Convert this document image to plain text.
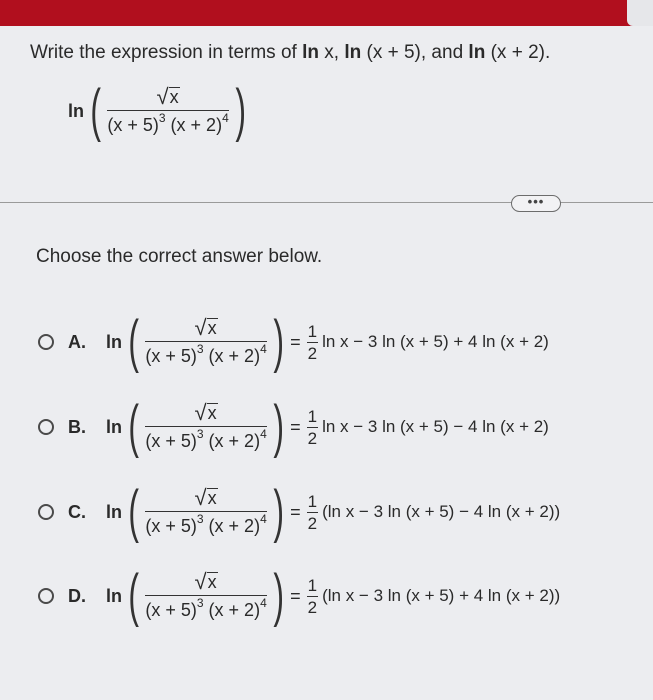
Write the expression in terms of ln x, ln (x + 5), and ln (x + 2).
ln ( $\frac{√ x}{(x + 5)^3 (x + 2)^4}$ )
•••
Choose the correct answer below.
A.	ln ( $\frac{√ x}{(x + 5)^3 (x + 2)^4}$ ) = $\frac{1}{2}$ ln x − 3 ln (x + 5) + 4 ln (x + 2)
B.	ln ( $\frac{√ x}{(x + 5)^3 (x + 2)^4}$ ) = $\frac{1}{2}$ ln x − 3 ln (x + 5) − 4 ln (x + 2)
C.	ln ( $\frac{√ x}{(x + 5)^3 (x + 2)^4}$ ) = $\frac{1}{2}$ ( ln x − 3 ln (x + 5) − 4 ln (x + 2))
D.	ln ( $\frac{√ x}{(x + 5)^3 (x + 2)^4}$ ) = $\frac{1}{2}$ ( ln x − 3 ln (x + 5) + 4 ln (x + 2))
